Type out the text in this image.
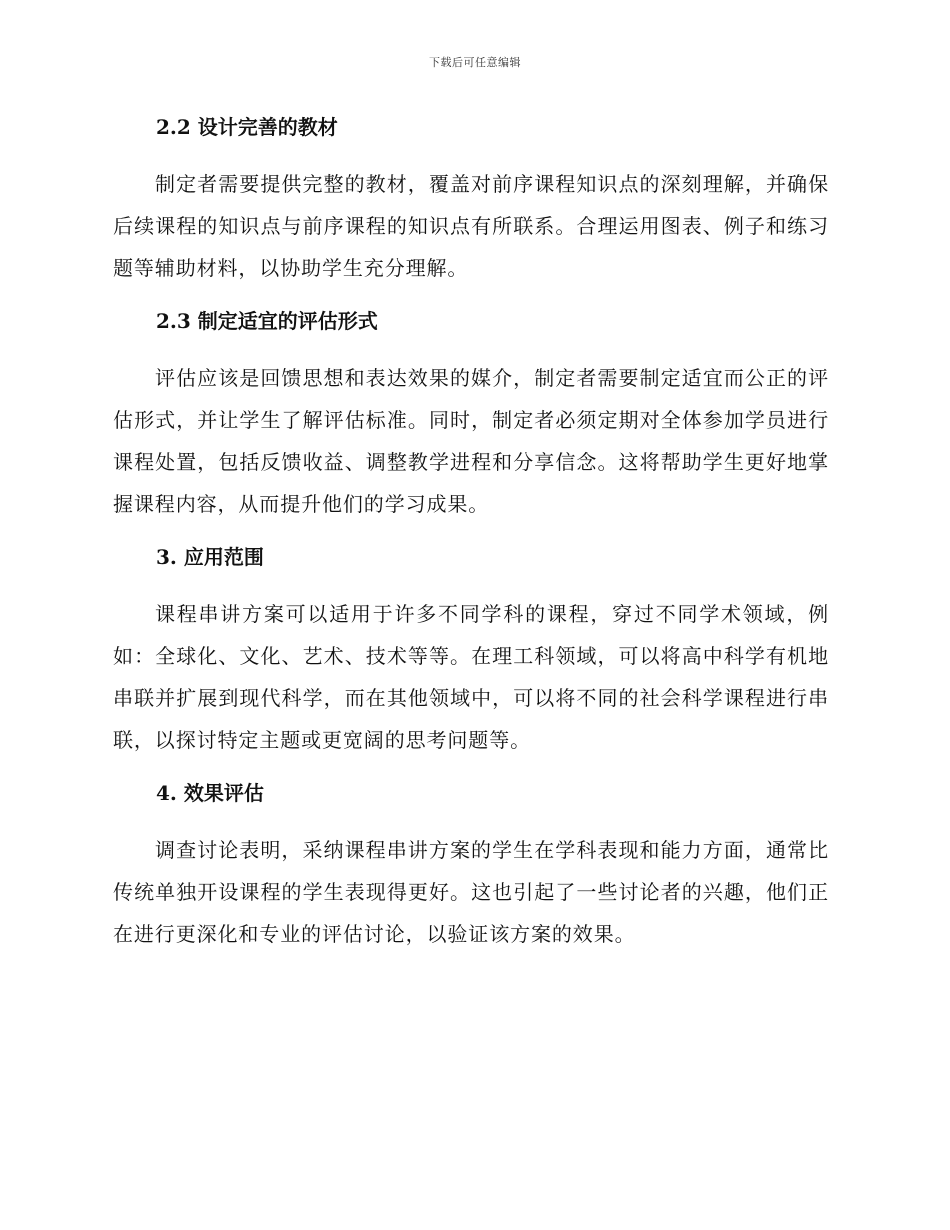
下载后可任意编辑
2.2 设计完善的教材

制定者需要提供完整的教材，覆盖对前序课程知识点的深刻理解，并确保后续课程的知识点与前序课程的知识点有所联系。合理运用图表、例子和练习题等辅助材料，以协助学生充分理解。

2.3 制定适宜的评估形式

评估应该是回馈思想和表达效果的媒介，制定者需要制定适宜而公正的评估形式，并让学生了解评估标准。同时，制定者必须定期对全体参加学员进行课程处置，包括反馈收益、调整教学进程和分享信念。这将帮助学生更好地掌握课程内容，从而提升他们的学习成果。

3. 应用范围

课程串讲方案可以适用于许多不同学科的课程，穿过不同学术领域，例如：全球化、文化、艺术、技术等等。在理工科领域，可以将高中科学有机地串联并扩展到现代科学，而在其他领域中，可以将不同的社会科学课程进行串联，以探讨特定主题或更宽阔的思考问题等。

4. 效果评估

调查讨论表明，采纳课程串讲方案的学生在学科表现和能力方面，通常比传统单独开设课程的学生表现得更好。这也引起了一些讨论者的兴趣，他们正在进行更深化和专业的评估讨论，以验证该方案的效果。
